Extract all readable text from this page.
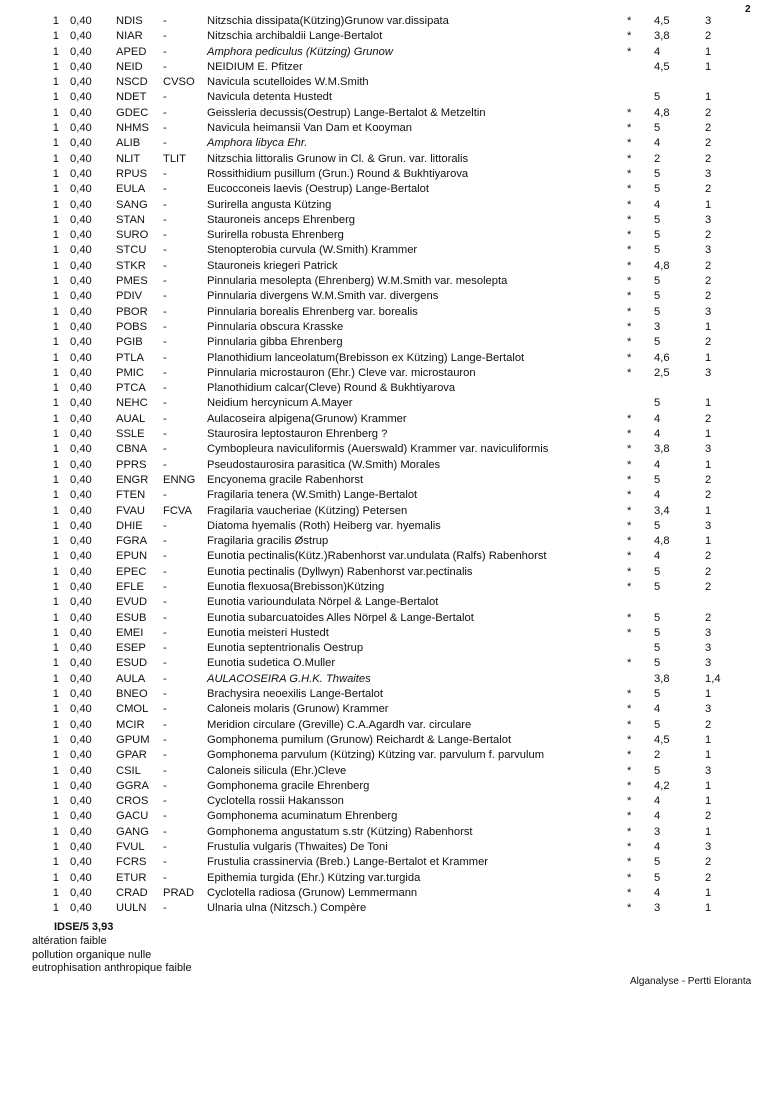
2
1 0,40 NDIS -	Nitzschia dissipata(Kützing)Grunow var.dissipata	* 4,5	3
1 0,40 NIAR -	Nitzschia archibaldii Lange-Bertalot	* 3,8	2
1 0,40 APED -	Amphora pediculus (Kützing) Grunow	* 4	1
1 0,40 NEID -	NEIDIUM E. Pfitzer	4,5	1
1 0,40 NSCD CVSO Navicula scutelloides W.M.Smith
1 0,40 NDET -	Navicula detenta Hustedt	5	1
1 0,40 GDEC -	Geissleria decussis(Oestrup) Lange-Bertalot & Metzeltin	* 4,8	2
1 0,40 NHMS -	Navicula heimansii Van Dam et Kooyman	* 5	2
1 0,40 ALIB -	Amphora libyca Ehr.	* 4	2
1 0,40 NLIT TLIT Nitzschia littoralis Grunow in Cl. & Grun. var. littoralis	* 2	2
1 0,40 RPUS -	Rossithidium pusillum (Grun.) Round & Bukhtiyarova	* 5	3
1 0,40 EULA -	Eucocconeis laevis (Oestrup) Lange-Bertalot	* 5	2
1 0,40 SANG -	Surirella angusta Kützing	* 4	1
1 0,40 STAN -	Stauroneis anceps Ehrenberg	* 5	3
1 0,40 SURO -	Surirella robusta Ehrenberg	* 5	2
1 0,40 STCU -	Stenopterobia curvula (W.Smith) Krammer	* 5	3
1 0,40 STKR -	Stauroneis kriegeri Patrick	* 4,8	2
1 0,40 PMES -	Pinnularia mesolepta (Ehrenberg) W.M.Smith var. mesolepta	* 5	2
1 0,40 PDIV -	Pinnularia divergens W.M.Smith var. divergens	* 5	2
1 0,40 PBOR -	Pinnularia borealis Ehrenberg var. borealis	* 5	3
1 0,40 POBS -	Pinnularia obscura Krasske	* 3	1
1 0,40 PGIB -	Pinnularia gibba Ehrenberg	* 5	2
1 0,40 PTLA -	Planothidium lanceolatum(Brebisson ex Kützing) Lange-Bertalot	* 4,6	1
1 0,40 PMIC -	Pinnularia microstauron (Ehr.) Cleve var. microstauron	* 2,5	3
1 0,40 PTCA -	Planothidium calcar(Cleve) Round & Bukhtiyarova
1 0,40 NEHC -	Neidium hercynicum A.Mayer	5	1
1 0,40 AUAL -	Aulacoseira alpigena(Grunow) Krammer	* 4	2
1 0,40 SSLE -	Staurosira leptostauron Ehrenberg ?	* 4	1
1 0,40 CBNA -	Cymbopleura naviculiformis (Auerswald) Krammer var. naviculiformis	* 3,8	3
1 0,40 PPRS -	Pseudostaurosira parasitica (W.Smith) Morales	* 4	1
1 0,40 ENGR ENNG Encyonema gracile Rabenhorst	* 5	2
1 0,40 FTEN -	Fragilaria tenera (W.Smith) Lange-Bertalot	* 4	2
1 0,40 FVAU FCVA Fragilaria vaucheriae (Kützing) Petersen	* 3,4	1
1 0,40 DHIE -	Diatoma hyemalis (Roth) Heiberg var. hyemalis	* 5	3
1 0,40 FGRA -	Fragilaria gracilis Østrup	* 4,8	1
1 0,40 EPUN -	Eunotia pectinalis(Kütz.)Rabenhorst var.undulata (Ralfs) Rabenhorst	* 4	2
1 0,40 EPEC -	Eunotia pectinalis (Dyllwyn) Rabenhorst var.pectinalis	* 5	2
1 0,40 EFLE -	Eunotia flexuosa(Brebisson)Kützing	* 5	2
1 0,40 EVUD -	Eunotia varioundulata Nörpel & Lange-Bertalot
1 0,40 ESUB -	Eunotia subarcuatoides Alles Nörpel & Lange-Bertalot	* 5	2
1 0,40 EMEI -	Eunotia meisteri Hustedt	* 5	3
1 0,40 ESEP -	Eunotia septentrionalis Oestrup	5	3
1 0,40 ESUD -	Eunotia sudetica O.Muller	* 5	3
1 0,40 AULA -	AULACOSEIRA G.H.K. Thwaites	3,8	1,4
1 0,40 BNEO -	Brachysira neoexilis Lange-Bertalot	* 5	1
1 0,40 CMOL -	Caloneis molaris (Grunow) Krammer	* 4	3
1 0,40 MCIR -	Meridion circulare (Greville) C.A.Agardh var. circulare	* 5	2
1 0,40 GPUM -	Gomphonema pumilum (Grunow) Reichardt & Lange-Bertalot	* 4,5	1
1 0,40 GPAR -	Gomphonema parvulum (Kützing) Kützing var. parvulum f. parvulum	* 2	1
1 0,40 CSIL -	Caloneis silicula (Ehr.)Cleve	* 5	3
1 0,40 GGRA -	Gomphonema gracile Ehrenberg	* 4,2	1
1 0,40 CROS -	Cyclotella rossii Hakansson	* 4	1
1 0,40 GACU -	Gomphonema acuminatum Ehrenberg	* 4	2
1 0,40 GANG -	Gomphonema angustatum s.str (Kützing) Rabenhorst	* 3	1
1 0,40 FVUL -	Frustulia vulgaris (Thwaites) De Toni	* 4	3
1 0,40 FCRS -	Frustulia crassinervia (Breb.) Lange-Bertalot et Krammer	* 5	2
1 0,40 ETUR -	Epithemia turgida (Ehr.) Kützing var.turgida	* 5	2
1 0,40 CRAD PRAD Cyclotella radiosa (Grunow) Lemmermann	* 4	1
1 0,40 UULN -	Ulnaria ulna (Nitzsch.) Compère	* 3	1
IDSE/5 3,93
altération faible
pollution organique nulle
eutrophisation anthropique faible
Alganalyse - Pertti Eloranta
